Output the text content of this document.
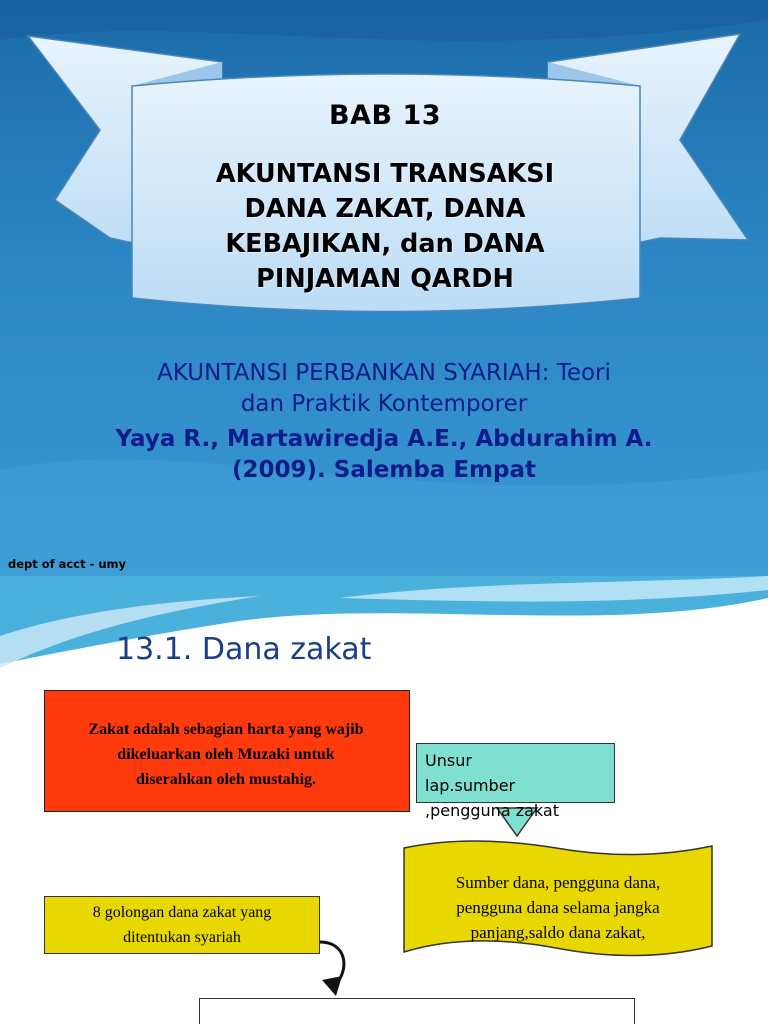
BAB 13
AKUNTANSI TRANSAKSI
DANA ZAKAT, DANA
KEBAJIKAN, dan DANA
PINJAMAN QARDH
AKUNTANSI PERBANKAN SYARIAH: Teori
dan Praktik Kontemporer
Yaya R., Martawiredja A.E., Abdurahim A.
(2009). Salemba Empat
dept of acct - umy
13.1. Dana zakat
Zakat adalah sebagian harta yang wajib
dikeluarkan oleh Muzaki untuk
diserahkan oleh mustahig.
Unsur
lap.sumber
,pengguna zakat
Sumber dana, pengguna dana,
pengguna dana selama jangka
panjang,saldo dana zakat,
8 golongan dana zakat yang
ditentukan syariah
